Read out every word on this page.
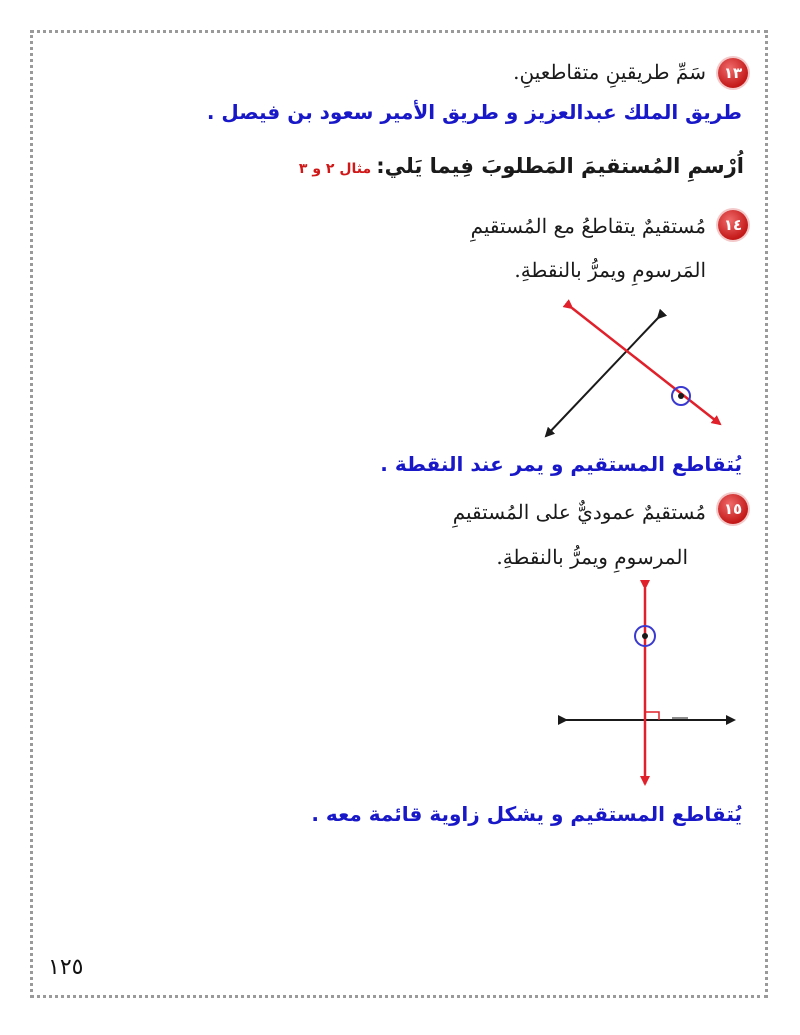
١٣
سَمِّ طريقينِ متقاطعينِ.
طريق الملك عبدالعزيز و طريق الأمير سعود بن فيصل .
اُرْسمِ المُستقيمَ المَطلوبَ فِيما يَلي: مثال ٢ و ٣
١٤
مُستقيمٌ يتقاطعُ مع المُستقيمِ
المَرسومِ ويمرُّ بالنقطةِ.
يُتقاطع المستقيم و يمر عند النقطة .
١٥
مُستقيمٌ عموديٌّ على المُستقيمِ
المرسومِ ويمرُّ بالنقطةِ.
يُتقاطع المستقيم و يشكل زاوية قائمة معه .
١٢٥
